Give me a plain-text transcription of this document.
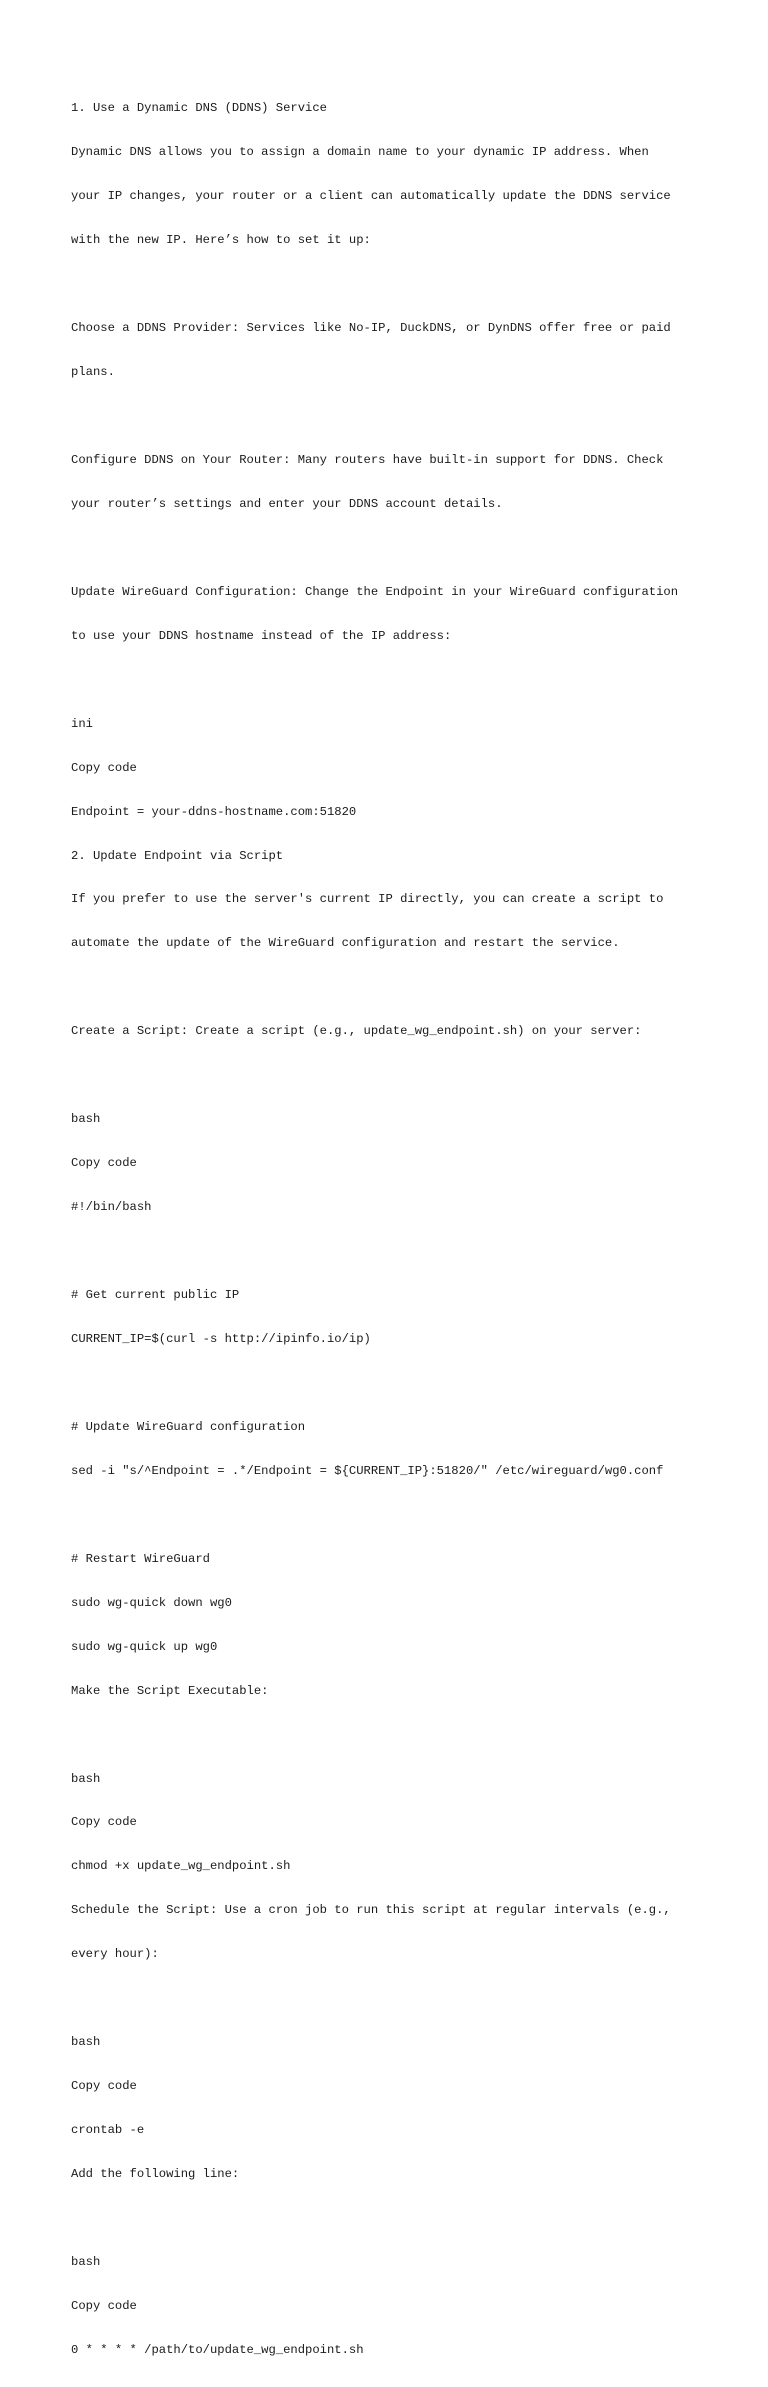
1. Use a Dynamic DNS (DDNS) Service

Dynamic DNS allows you to assign a domain name to your dynamic IP address. When

your IP changes, your router or a client can automatically update the DDNS service

with the new IP. Here’s how to set it up:

Choose a DDNS Provider: Services like No-IP, DuckDNS, or DynDNS offer free or paid

plans.

Configure DDNS on Your Router: Many routers have built-in support for DDNS. Check

your router’s settings and enter your DDNS account details.

Update WireGuard Configuration: Change the Endpoint in your WireGuard configuration

to use your DDNS hostname instead of the IP address:

ini

Copy code

Endpoint = your-ddns-hostname.com:51820

2. Update Endpoint via Script

If you prefer to use the server's current IP directly, you can create a script to

automate the update of the WireGuard configuration and restart the service.

Create a Script: Create a script (e.g., update_wg_endpoint.sh) on your server:

bash

Copy code

#!/bin/bash

# Get current public IP

CURRENT_IP=$(curl -s http://ipinfo.io/ip)

# Update WireGuard configuration

sed -i "s/^Endpoint = .*/Endpoint = ${CURRENT_IP}:51820/" /etc/wireguard/wg0.conf

# Restart WireGuard

sudo wg-quick down wg0

sudo wg-quick up wg0

Make the Script Executable:

bash

Copy code

chmod +x update_wg_endpoint.sh

Schedule the Script: Use a cron job to run this script at regular intervals (e.g.,

every hour):

bash

Copy code

crontab -e

Add the following line:

bash

Copy code

0 * * * * /path/to/update_wg_endpoint.sh
